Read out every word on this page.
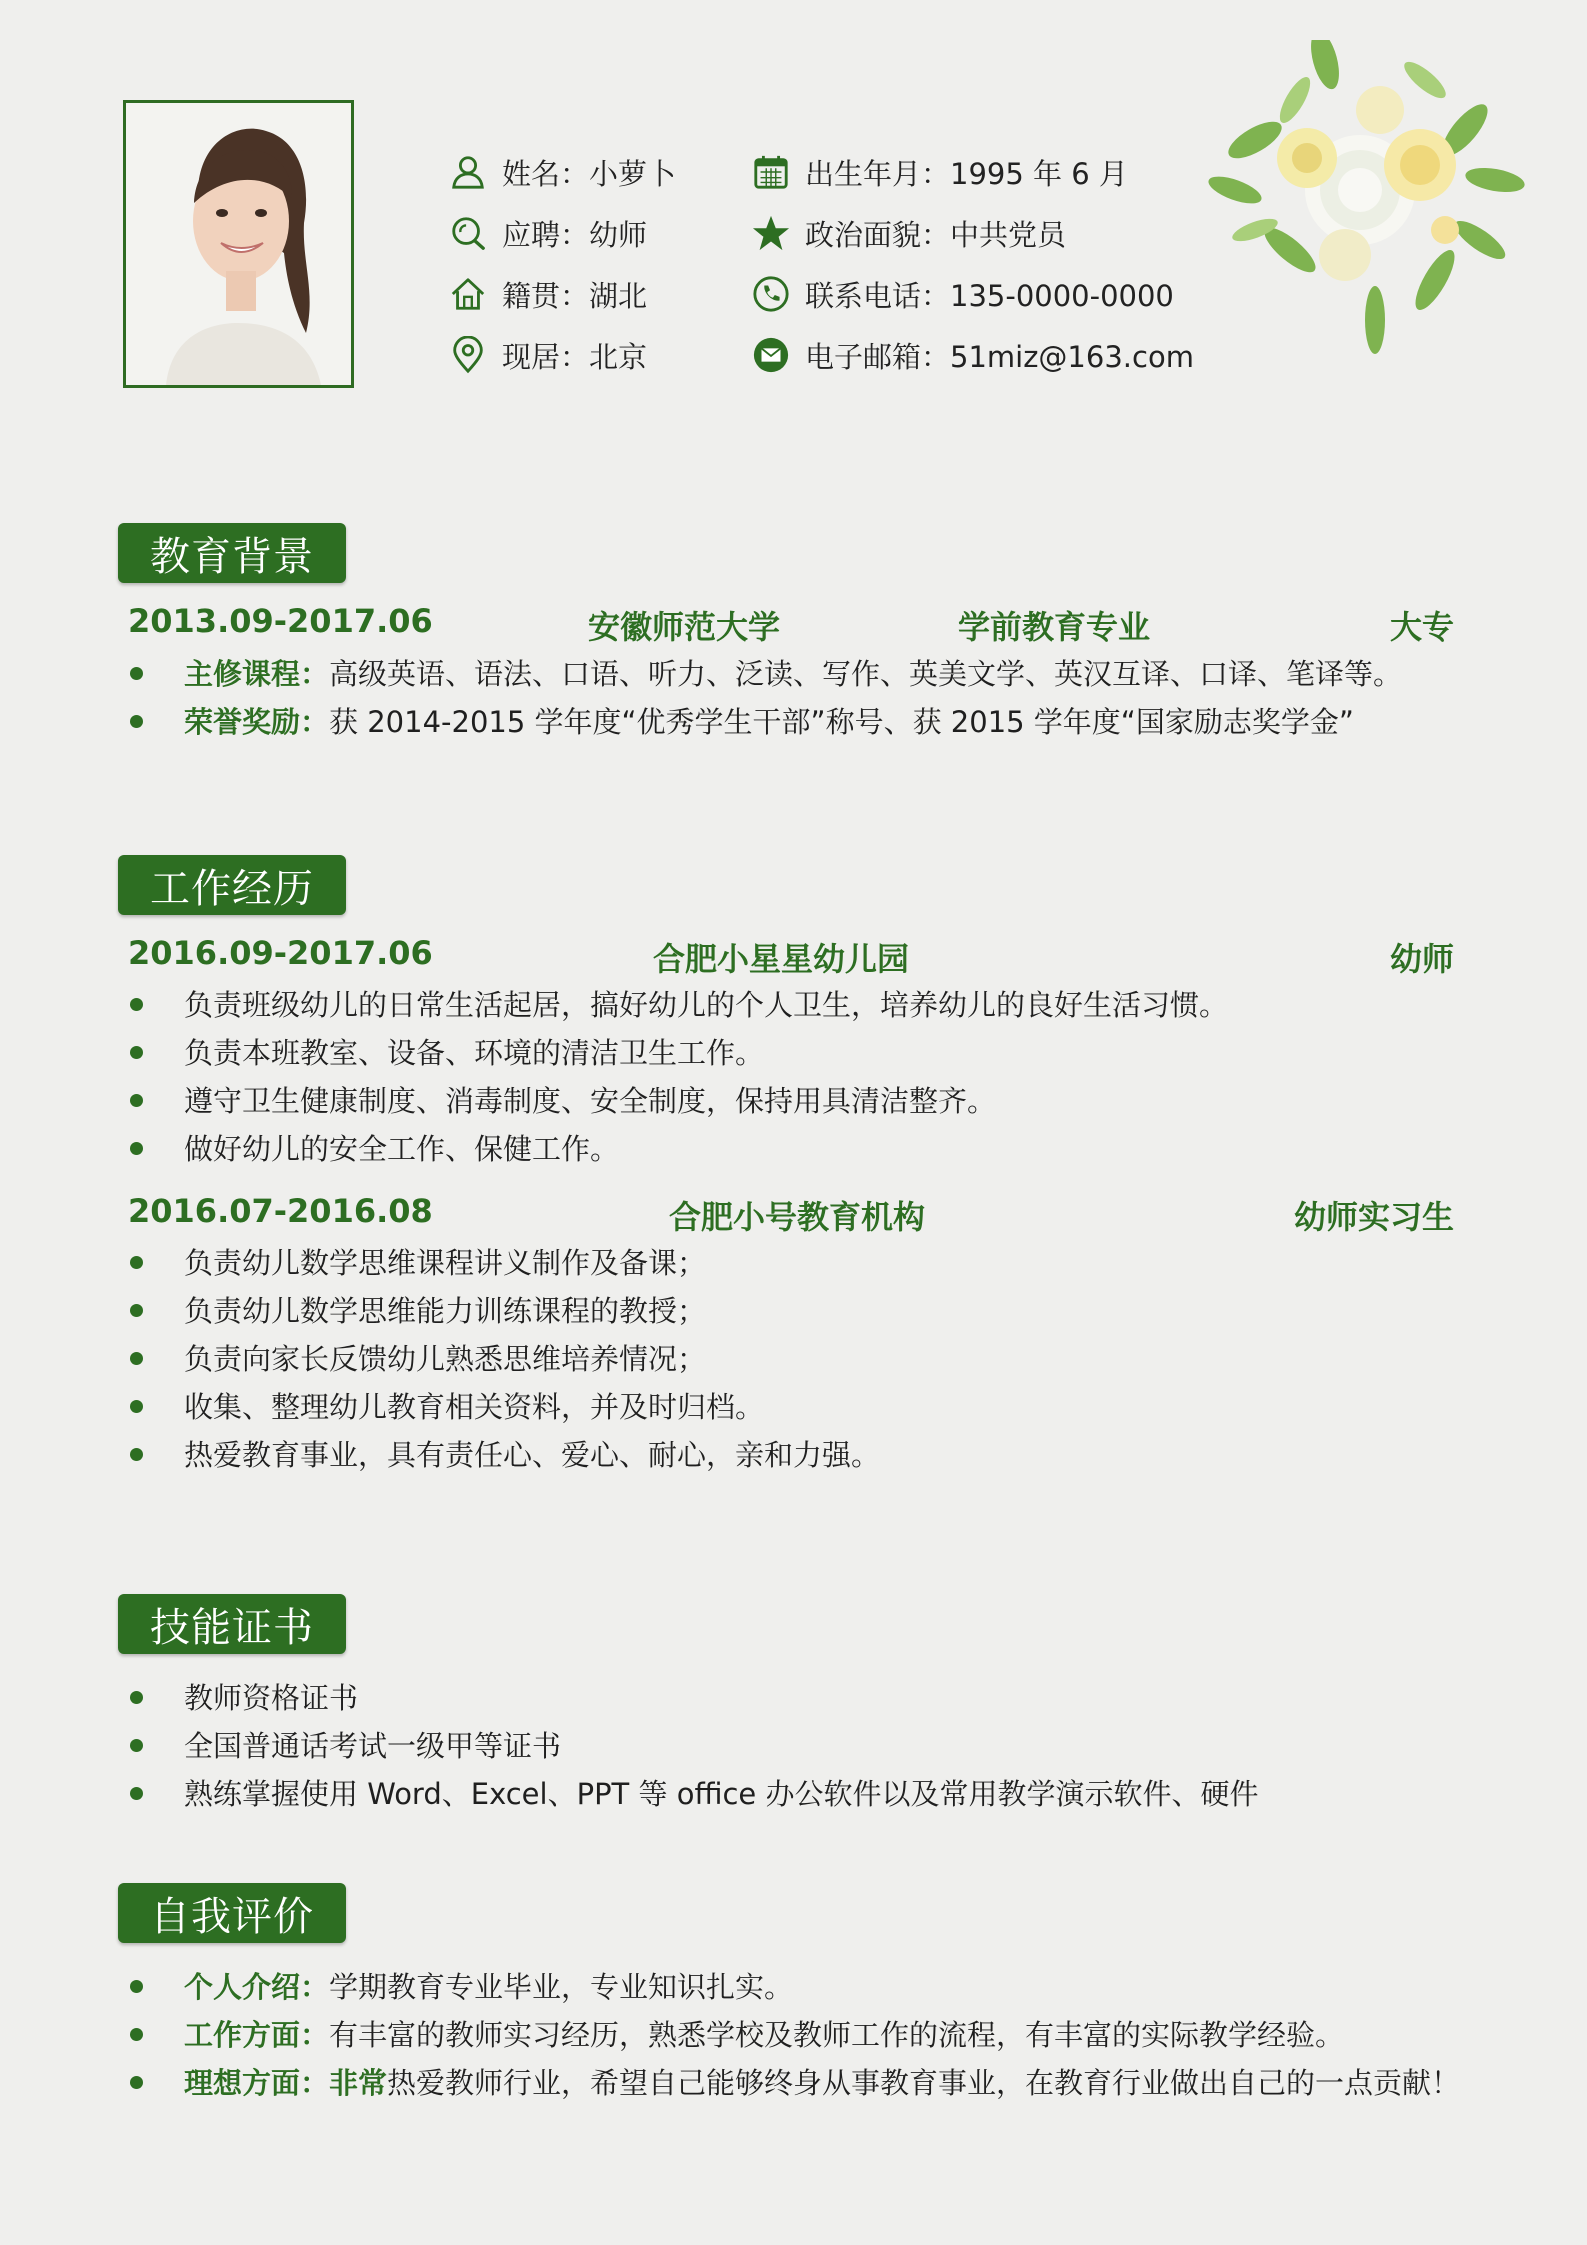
姓名：小萝卜
应聘：幼师
籍贯：湖北
现居：北京
出生年月：1995 年 6 月
政治面貌：中共党员
联系电话：135-0000-0000
电子邮箱：51miz@163.com
教育背景
2013.09-2017.06	安徽师范大学	学前教育专业	大专
主修课程：高级英语、语法、口语、听力、泛读、写作、英美文学、英汉互译、口译、笔译等。
荣誉奖励：获 2014-2015 学年度“优秀学生干部”称号、获 2015 学年度“国家励志奖学金”
工作经历
2016.09-2017.06	合肥小星星幼儿园	幼师
负责班级幼儿的日常生活起居，搞好幼儿的个人卫生，培养幼儿的良好生活习惯。
负责本班教室、设备、环境的清洁卫生工作。
遵守卫生健康制度、消毒制度、安全制度，保持用具清洁整齐。
做好幼儿的安全工作、保健工作。
2016.07-2016.08	合肥小号教育机构	幼师实习生
负责幼儿数学思维课程讲义制作及备课；
负责幼儿数学思维能力训练课程的教授；
负责向家长反馈幼儿熟悉思维培养情况；
收集、整理幼儿教育相关资料，并及时归档。
热爱教育事业，具有责任心、爱心、耐心，亲和力强。
技能证书
教师资格证书
全国普通话考试一级甲等证书
熟练掌握使用 Word、Excel、PPT 等 office 办公软件以及常用教学演示软件、硬件
自我评价
个人介绍：学期教育专业毕业，专业知识扎实。
工作方面：有丰富的教师实习经历，熟悉学校及教师工作的流程，有丰富的实际教学经验。
理想方面：非常热爱教师行业，希望自己能够终身从事教育事业，在教育行业做出自己的一点贡献！
